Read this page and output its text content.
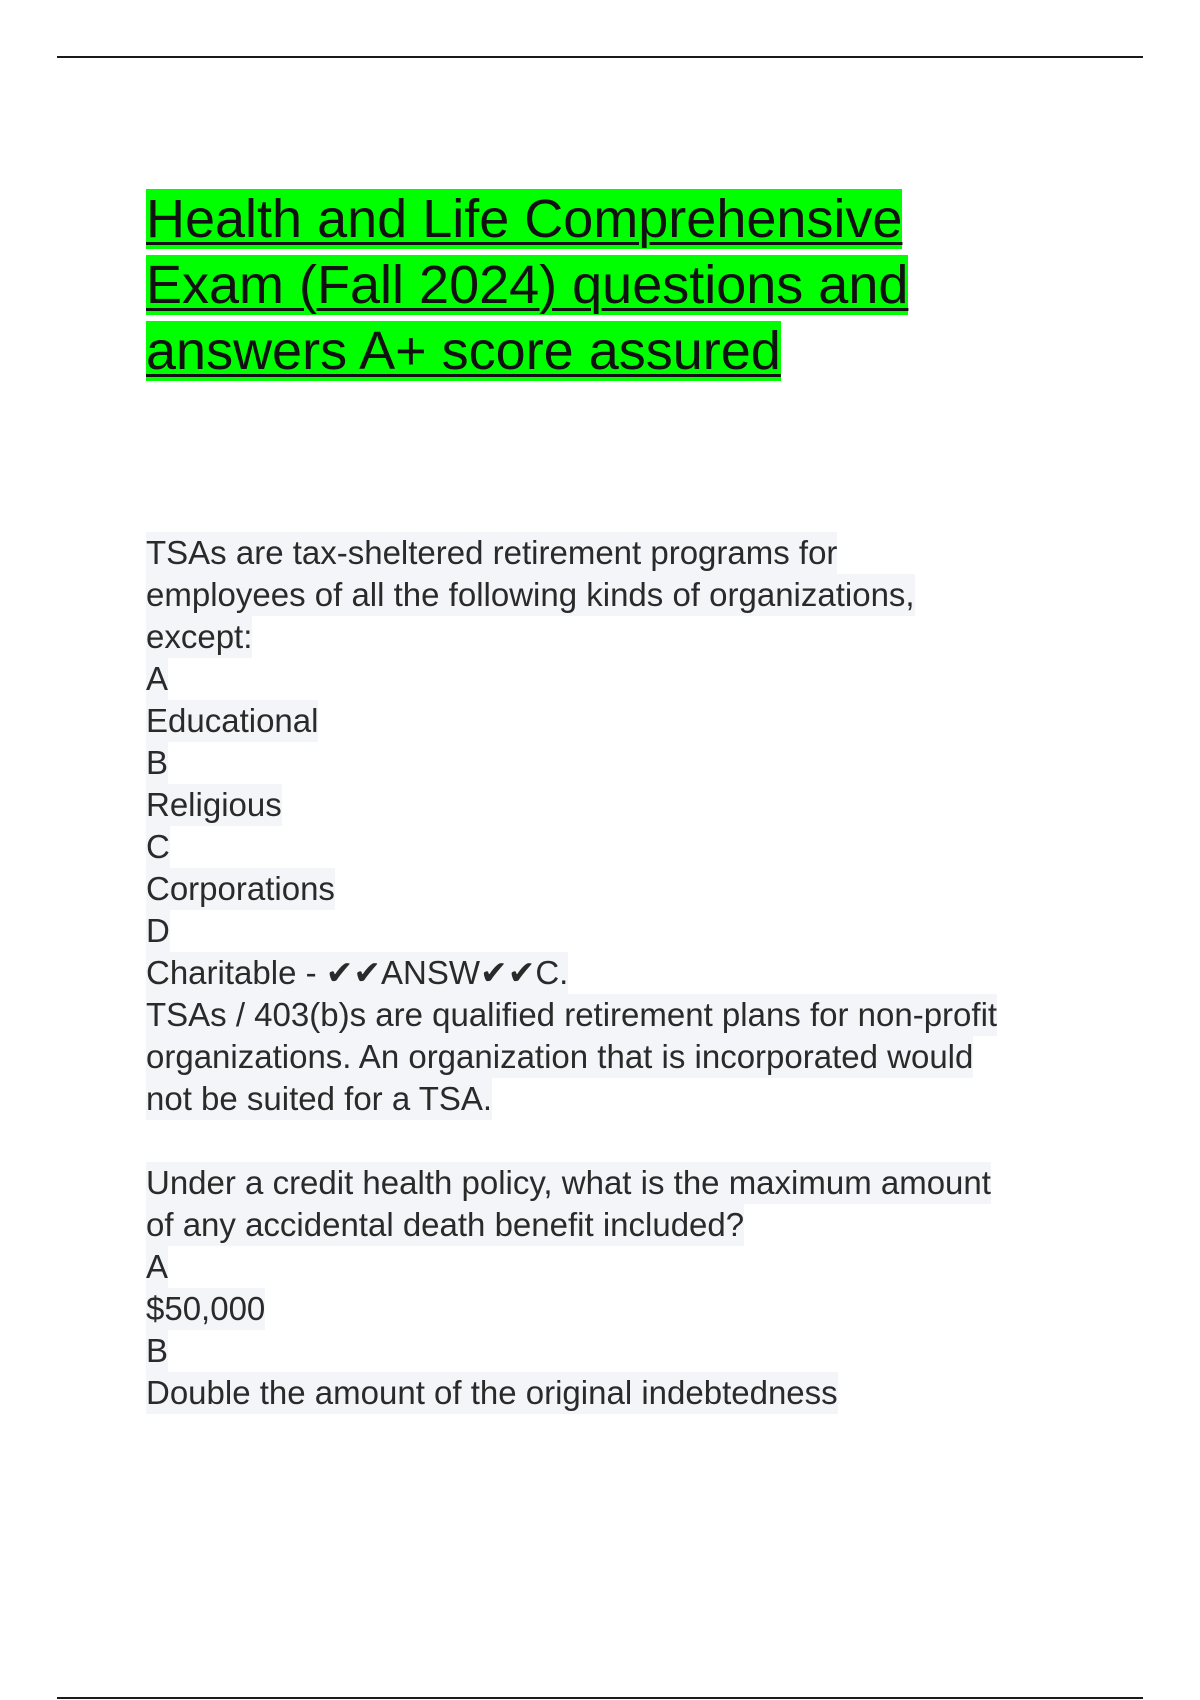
Health and Life Comprehensive
Exam (Fall 2024) questions and
answers A+ score assured
TSAs are tax-sheltered retirement programs for
employees of all the following kinds of organizations,
except:
A
Educational
B
Religious
C
Corporations
D
Charitable - ✔✔ANSW✔✔C.
TSAs / 403(b)s are qualified retirement plans for non-profit
organizations. An organization that is incorporated would
not be suited for a TSA.
Under a credit health policy, what is the maximum amount
of any accidental death benefit included?
A
$50,000
B
Double the amount of the original indebtedness
